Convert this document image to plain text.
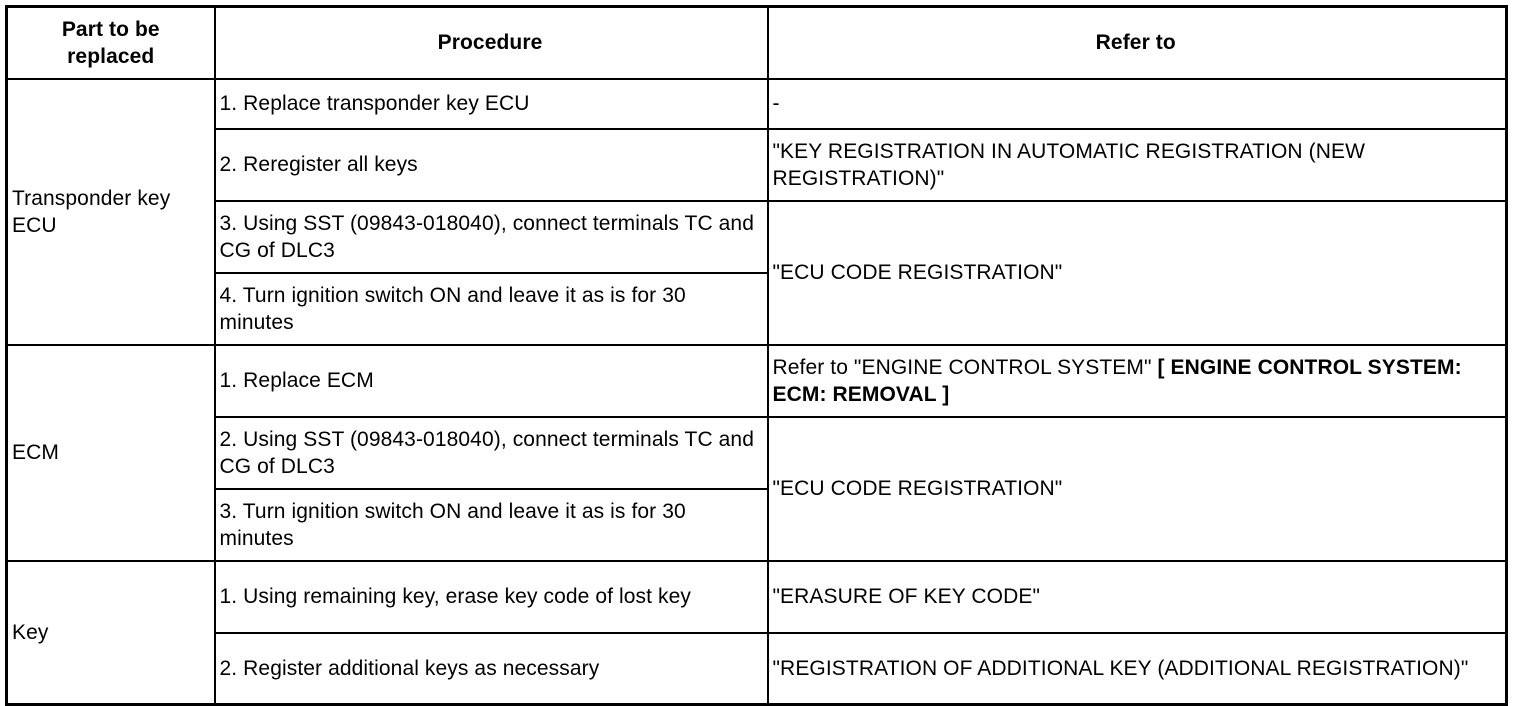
Part to be replaced	Procedure	Refer to
Transponder key ECU	1. Replace transponder key ECU	-
	2. Reregister all keys	"KEY REGISTRATION IN AUTOMATIC REGISTRATION (NEW REGISTRATION)"
	3. Using SST (09843-018040), connect terminals TC and CG of DLC3	"ECU CODE REGISTRATION"
	4. Turn ignition switch ON and leave it as is for 30 minutes	
ECM	1. Replace ECM	Refer to "ENGINE CONTROL SYSTEM" [ ENGINE CONTROL SYSTEM: ECM: REMOVAL ]
	2. Using SST (09843-018040), connect terminals TC and CG of DLC3	"ECU CODE REGISTRATION"
	3. Turn ignition switch ON and leave it as is for 30 minutes	
Key	1. Using remaining key, erase key code of lost key	"ERASURE OF KEY CODE"
	2. Register additional keys as necessary	"REGISTRATION OF ADDITIONAL KEY (ADDITIONAL REGISTRATION)"
